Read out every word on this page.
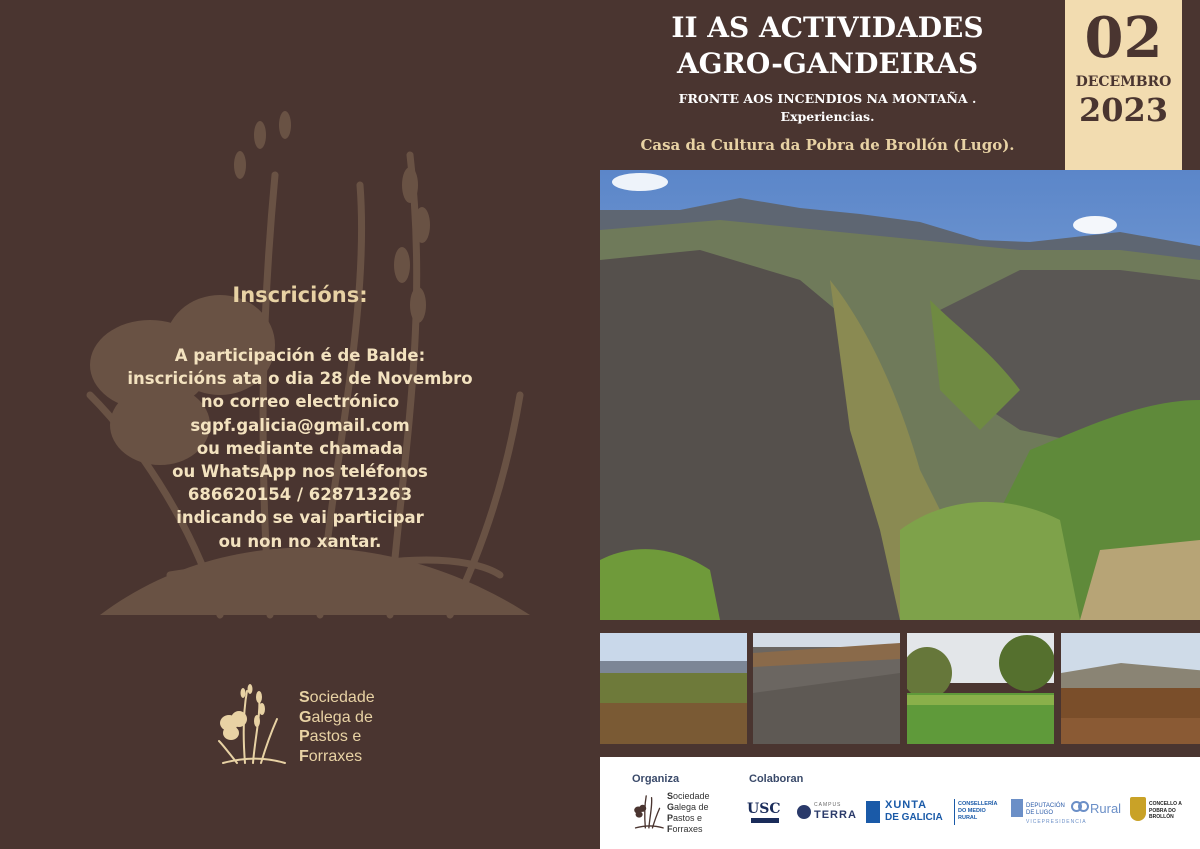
Inscricións:
A participación é de Balde:
inscricións ata o dia 28 de Novembro
no correo electrónico
sgpf.galicia@gmail.com
ou mediante chamada
ou WhatsApp nos teléfonos
686620154 / 628713263
indicando se vai participar
ou non no xantar.
Sociedade
Galega de
Pastos e
Forraxes
II AS ACTIVIDADES
AGRO-GANDEIRAS
FRONTE AOS INCENDIOS NA MONTAÑA .
Experiencias.
Casa da Cultura da Pobra de Brollón (Lugo).
02
DECEMBRO
2023
Organiza	Colaboran
Sociedade
Galega de
Pastos e
Forraxes
USC	CAMPUS
TERRA
XUNTA
DE GALICIA
CONSELLERÍA DO MEDIO RURAL
DEPUTACIÓN DE LUGO	Rural
VICEPRESIDENCIA
CONCELLO A POBRA DO BROLLÓN
